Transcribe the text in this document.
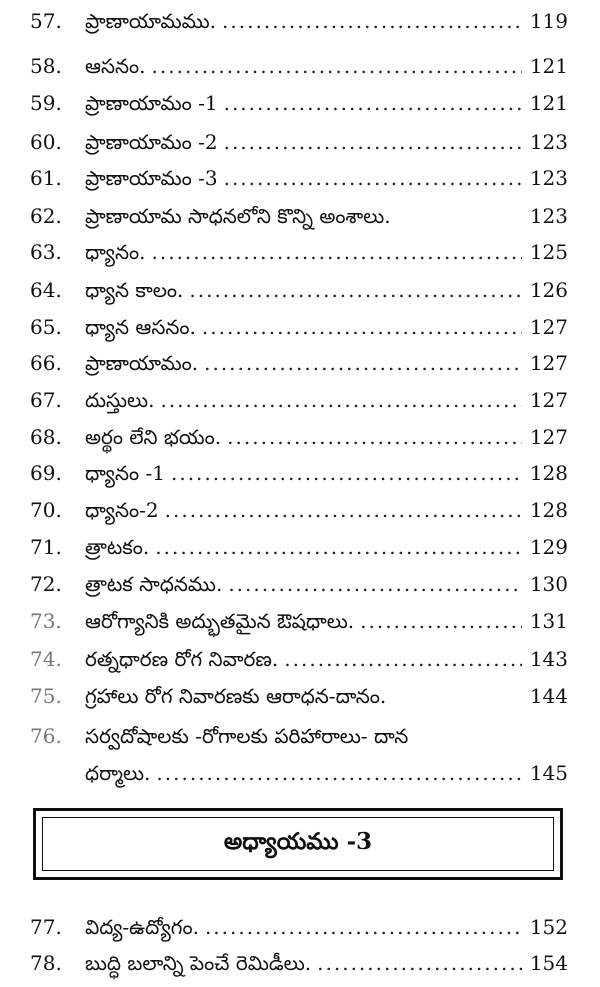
57.	ప్రాణాయామము. .....	119
58.	ఆసనం. .....	121
59.	ప్రాణాయామం -1 .....	121
60.	ప్రాణాయామం -2 .....	123
61.	ప్రాణాయామం -3 .....	123
62.	ప్రాణాయామ సాధనలోని కొన్ని అంశాలు.	123
63.	ధ్యానం. .....	125
64.	ధ్యాన కాలం. .....	126
65.	ధ్యాన ఆసనం. .....	127
66.	ప్రాణాయామం. .....	127
67.	దుస్తులు. .....	127
68.	అర్థం లేని భయం. .....	127
69.	ధ్యానం -1 .....	128
70.	ధ్యానం-2 .....	128
71.	త్రాటకం. .....	129
72.	త్రాటక సాధనము. .....	130
73.	ఆరోగ్యానికి అద్భుతమైన ఔషధాలు. .....	131
74.	రత్నధారణ రోగ నివారణ. .....	143
75.	గ్రహాలు రోగ నివారణకు ఆరాధన-దానం.	144
76.	సర్వదోషాలకు -రోగాలకు పరిహారాలు- దాన
ధర్మాలు. .....	145
అధ్యాయము -3
77.	విద్య-ఉద్యోగం. .....	152
78.	బుద్ధి బలాన్ని పెంచే రెమిడీలు. .....	154
